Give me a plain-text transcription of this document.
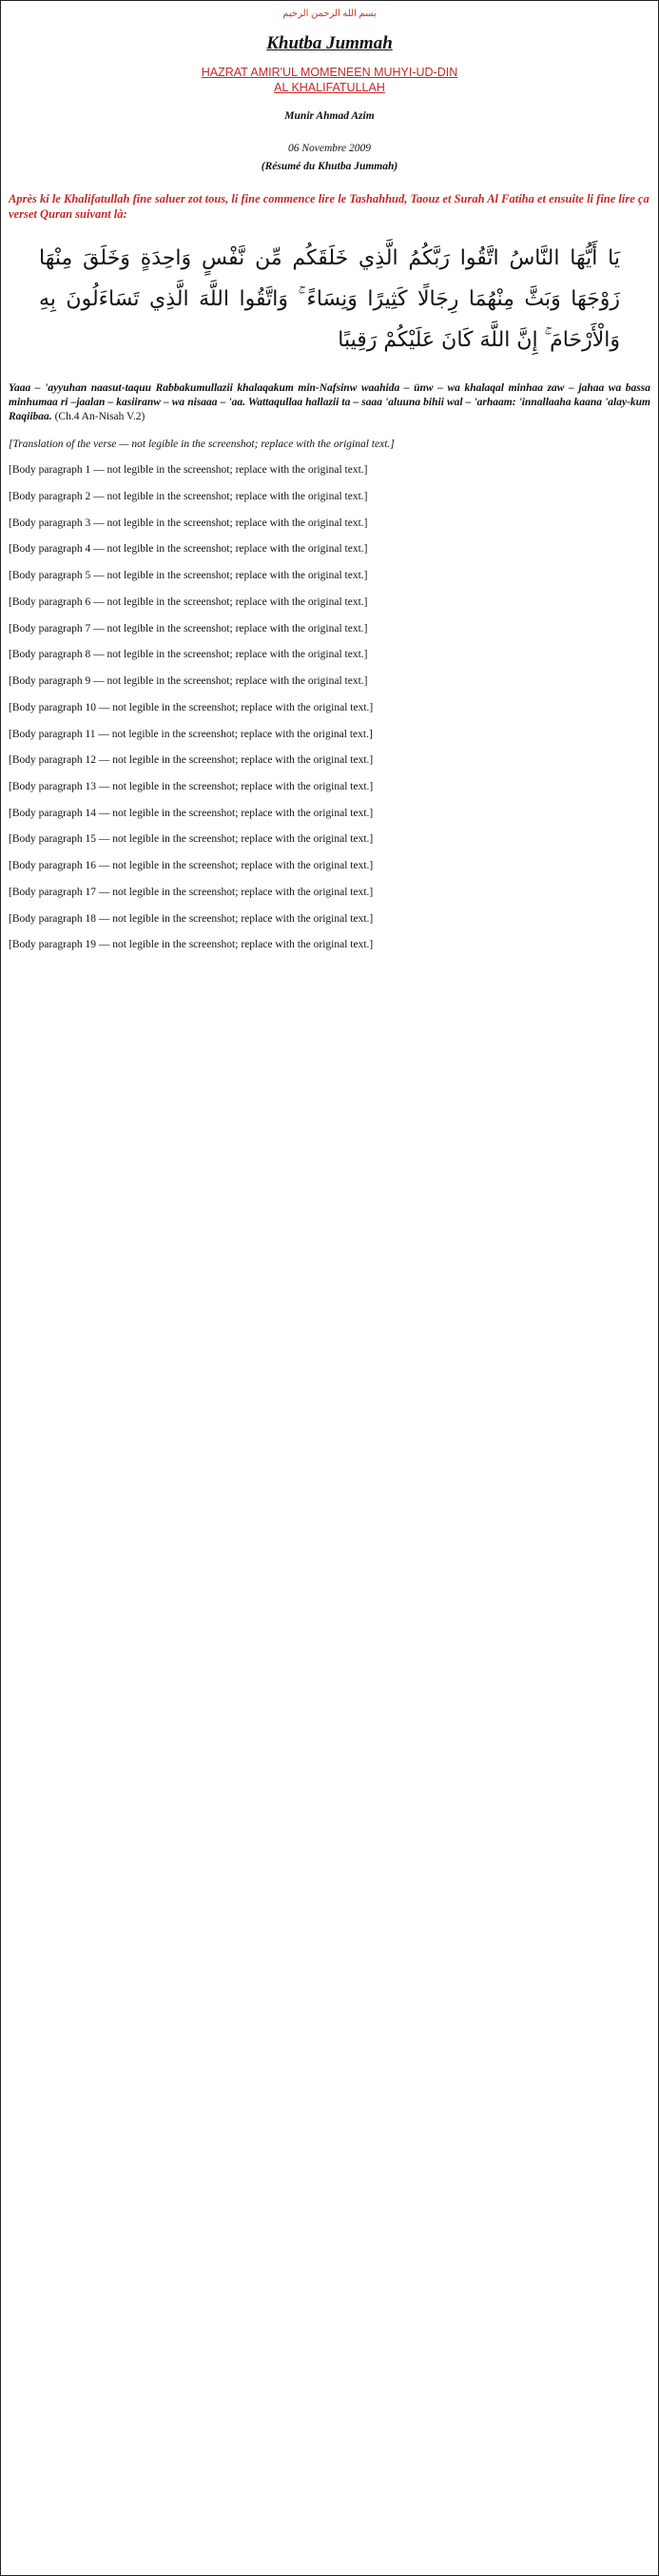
بسم الله الرحمن الرحيم
Khutba Jummah
HAZRAT AMIR'UL MOMENEEN MUHYI-UD-DIN
AL KHALIFATULLAH
Munir Ahmad Azim
06 Novembre 2009
(Résumé du Khutba Jummah)
Après ki le Khalifatullah fine saluer zot tous, li fine commence lire le Tashahhud, Taouz et Surah Al Fatiha et ensuite li fine lire ça verset Quran suivant là:
يَا أَيُّهَا النَّاسُ اتَّقُوا رَبَّكُمُ الَّذِي خَلَقَكُم مِّن نَّفْسٍ وَاحِدَةٍ وَخَلَقَ مِنْهَا زَوْجَهَا وَبَثَّ مِنْهُمَا رِجَالًا كَثِيرًا وَنِسَاءً ۚ وَاتَّقُوا اللَّهَ الَّذِي تَسَاءَلُونَ بِهِ وَالْأَرْحَامَ ۚ إِنَّ اللَّهَ كَانَ عَلَيْكُمْ رَقِيبًا
Yaaa – 'ayyuhan naasut-taquu Rabbakumullazii khalaqakum min-Nafsinw waahida – ünw – wa khalaqal minhaa zaw – jahaa wa bassa minhumaa ri –jaalan – kasiiranw – wa nisaaa – 'aa. Wattaqullaa hallazii ta – saaa 'aluuna bihii wal – 'arhaam: 'innallaaha kaana 'alay-kum Raqiibaa. (Ch.4 An-Nisah V.2)

[Translation of the verse — not legible in the screenshot; replace with the original text.]

[Body paragraph 1 — not legible in the screenshot; replace with the original text.]

[Body paragraph 2 — not legible in the screenshot; replace with the original text.]

[Body paragraph 3 — not legible in the screenshot; replace with the original text.]

[Body paragraph 4 — not legible in the screenshot; replace with the original text.]

[Body paragraph 5 — not legible in the screenshot; replace with the original text.]

[Body paragraph 6 — not legible in the screenshot; replace with the original text.]

[Body paragraph 7 — not legible in the screenshot; replace with the original text.]

[Body paragraph 8 — not legible in the screenshot; replace with the original text.]

[Body paragraph 9 — not legible in the screenshot; replace with the original text.]

[Body paragraph 10 — not legible in the screenshot; replace with the original text.]

[Body paragraph 11 — not legible in the screenshot; replace with the original text.]

[Body paragraph 12 — not legible in the screenshot; replace with the original text.]

[Body paragraph 13 — not legible in the screenshot; replace with the original text.]

[Body paragraph 14 — not legible in the screenshot; replace with the original text.]

[Body paragraph 15 — not legible in the screenshot; replace with the original text.]

[Body paragraph 16 — not legible in the screenshot; replace with the original text.]

[Body paragraph 17 — not legible in the screenshot; replace with the original text.]

[Body paragraph 18 — not legible in the screenshot; replace with the original text.]

[Body paragraph 19 — not legible in the screenshot; replace with the original text.]
